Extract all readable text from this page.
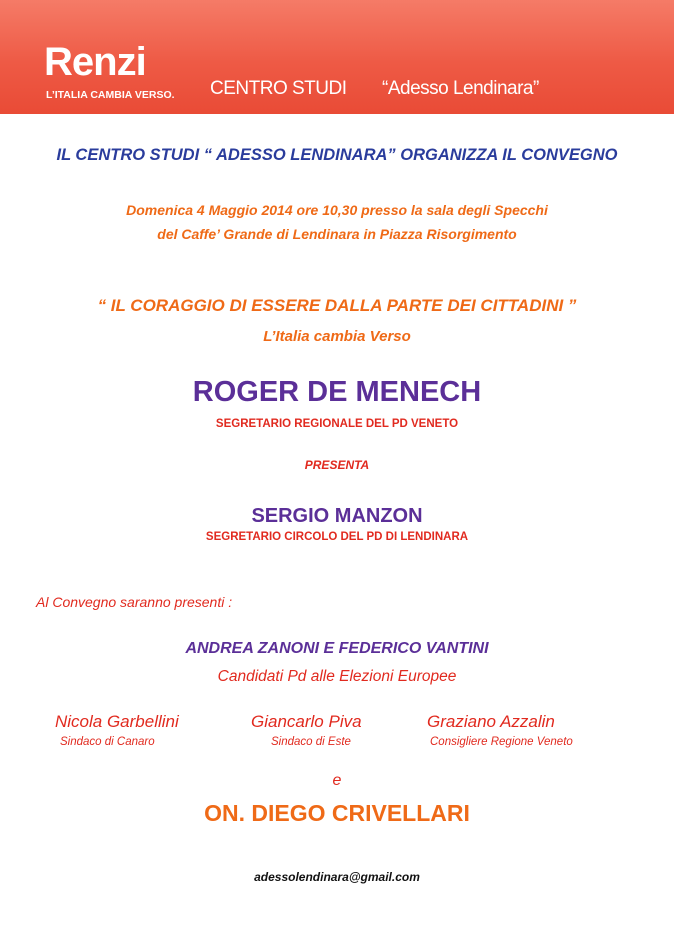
Renzi
L’ITALIA CAMBIA VERSO. CENTRO STUDI “Adesso Lendinara”
IL CENTRO STUDI “ ADESSO LENDINARA” ORGANIZZA IL CONVEGNO
Domenica 4 Maggio 2014 ore 10,30 presso la sala degli Specchi
del Caffe’ Grande di Lendinara in Piazza Risorgimento
“ IL CORAGGIO DI ESSERE DALLA PARTE DEI CITTADINI ”
L’Italia cambia Verso
ROGER DE MENECH
SEGRETARIO REGIONALE DEL PD VENETO
PRESENTA
SERGIO MANZON
SEGRETARIO CIRCOLO DEL PD DI LENDINARA
Al Convegno saranno presenti :
ANDREA ZANONI E FEDERICO VANTINI
Candidati Pd alle Elezioni Europee
Nicola Garbellini
Sindaco di Canaro
Giancarlo Piva
Sindaco di Este
Graziano Azzalin
Consigliere Regione Veneto
e
ON. DIEGO CRIVELLARI
adessolendinara@gmail.com
